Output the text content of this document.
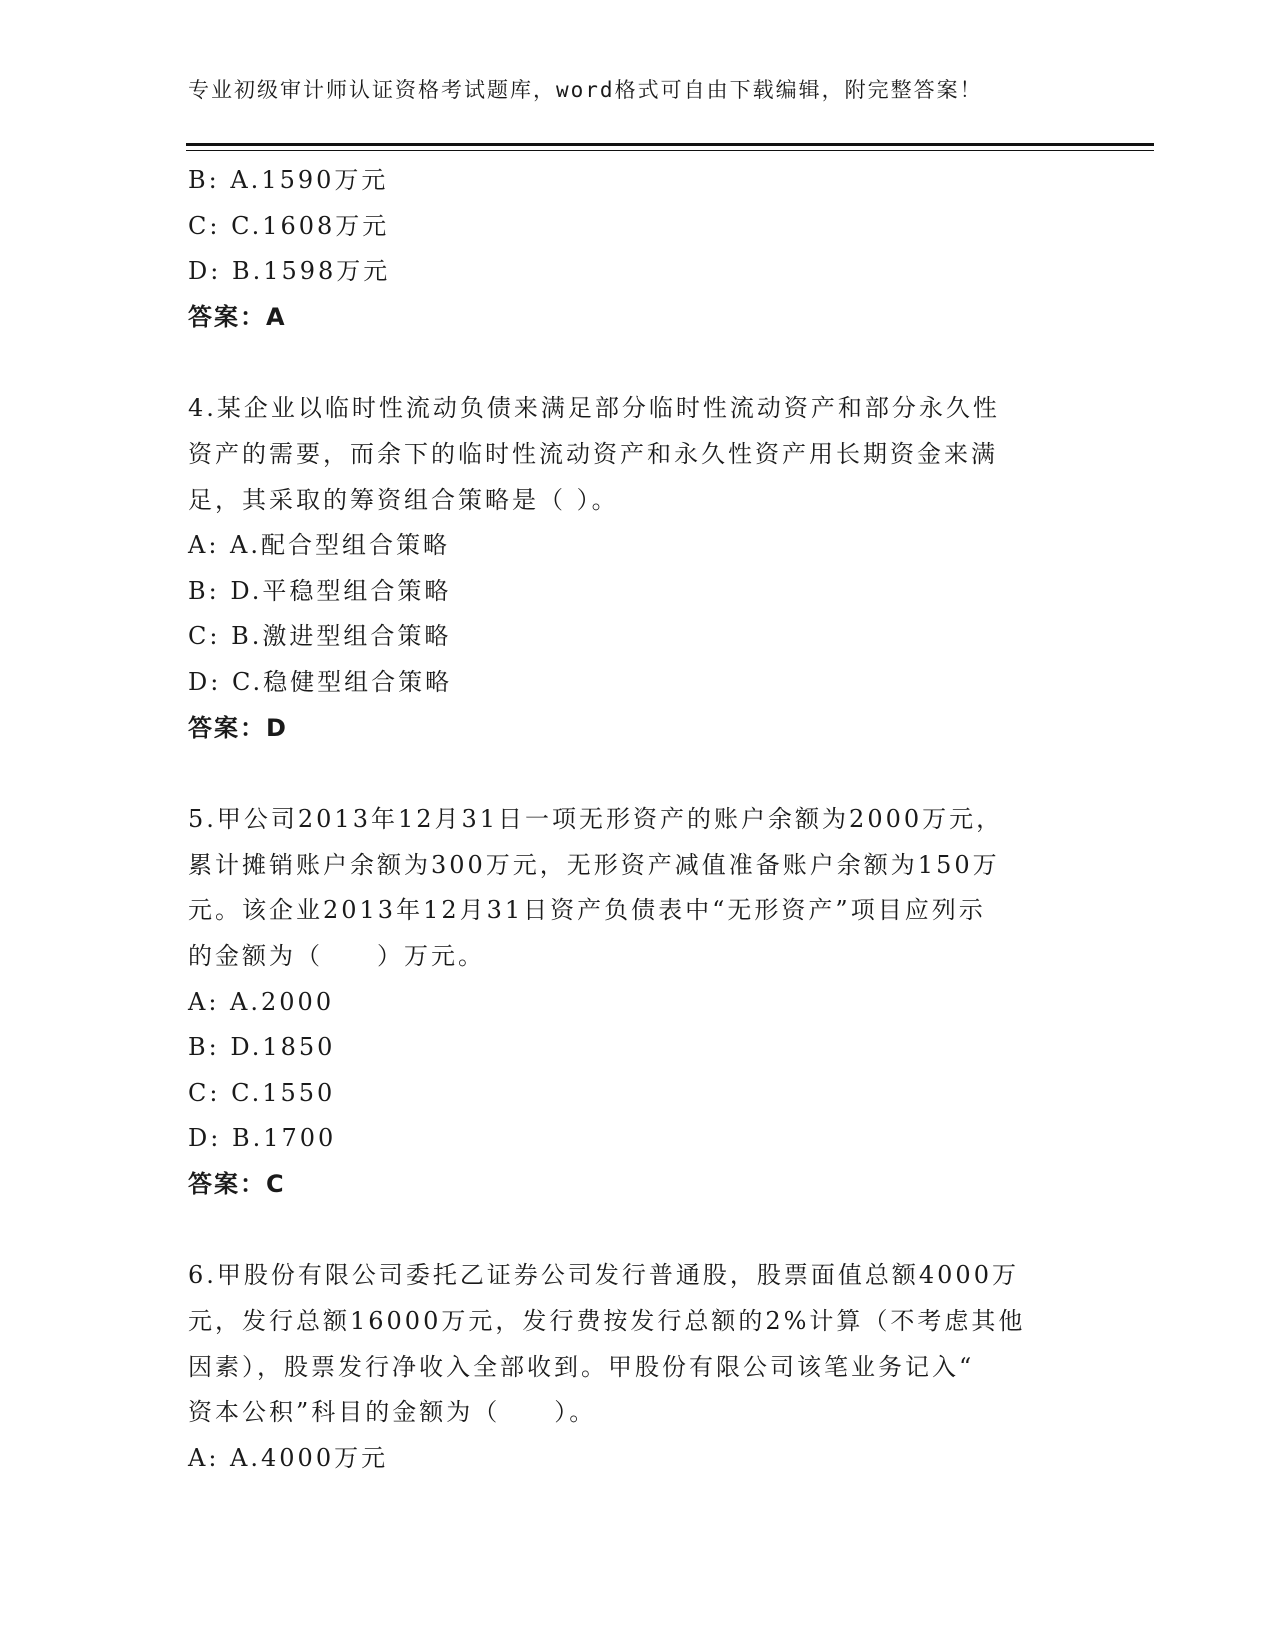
专业初级审计师认证资格考试题库，word格式可自由下载编辑，附完整答案！
B: A.1590万元
C: C.1608万元
D: B.1598万元
答案：A
4.某企业以临时性流动负债来满足部分临时性流动资产和部分永久性
资产的需要，而余下的临时性流动资产和永久性资产用长期资金来满
足，其采取的筹资组合策略是（ ）。
A: A.配合型组合策略
B: D.平稳型组合策略
C: B.激进型组合策略
D: C.稳健型组合策略
答案：D
5.甲公司2013年12月31日一项无形资产的账户余额为2000万元，
累计摊销账户余额为300万元，无形资产减值准备账户余额为150万
元。该企业2013年12月31日资产负债表中“无形资产”项目应列示
的金额为（　　）万元。
A: A.2000
B: D.1850
C: C.1550
D: B.1700
答案：C
6.甲股份有限公司委托乙证券公司发行普通股，股票面值总额4000万
元，发行总额16000万元，发行费按发行总额的2%计算（不考虑其他
因素），股票发行净收入全部收到。甲股份有限公司该笔业务记入“
资本公积”科目的金额为（　　）。
A: A.4000万元
